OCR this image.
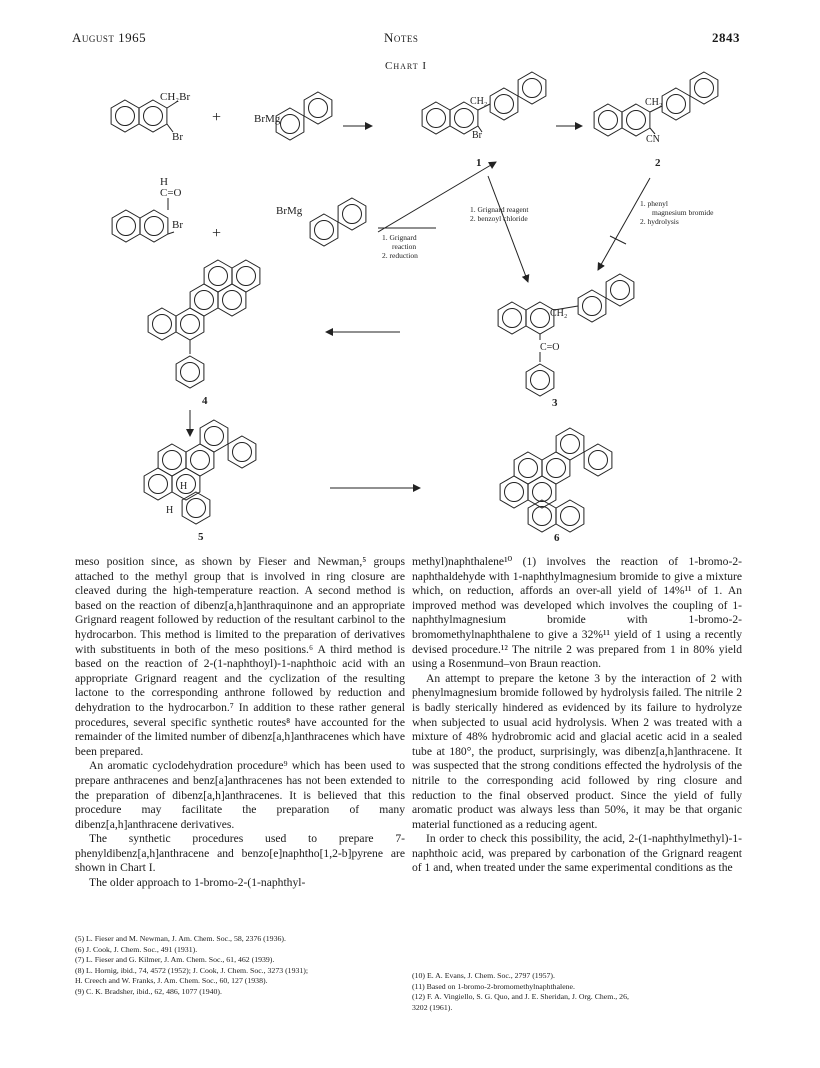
August 1965	Notes	2843
Chart I
CH₂Br
Br
+	BrMg
CH₂
Br
1
CH₂
CN
2
H
C=O
Br +
BrMg
1. Grignard
reaction
2. reduction
1. Grignard reagent
2. benzoyl chloride
1. phenyl
magnesium bromide
2. hydrolysis
4
CH₂
C=O
3
H
H
5	6

meso position since, as shown by Fieser and Newman,⁵ groups attached to the methyl group that is involved in ring closure are cleaved during the high-temperature reaction. A second method is based on the reaction of dibenz[a,h]anthraquinone and an appropriate Grignard reagent followed by reduction of the resultant carbinol to the hydrocarbon. This method is limited to the preparation of derivatives with substituents in both of the meso positions.⁶ A third method is based on the reaction of 2-(1-naphthoyl)-1-naphthoic acid with an appropriate Grignard reagent and the cyclization of the resulting lactone to the corresponding anthrone followed by reduction and dehydration to the hydrocarbon.⁷ In addition to these rather general procedures, several specific synthetic routes⁸ have accounted for the remainder of the limited number of dibenz[a,h]anthracenes which have been prepared.

An aromatic cyclodehydration procedure⁹ which has been used to prepare anthracenes and benz[a]anthracenes has not been extended to the preparation of dibenz[a,h]anthracenes. It is believed that this procedure may facilitate the preparation of many dibenz[a,h]anthracene derivatives.

The synthetic procedures used to prepare 7-phenyldibenz[a,h]anthracene and benzo[e]naphtho[1,2-b]pyrene are shown in Chart I.

The older approach to 1-bromo-2-(1-naphthyl-

methyl)naphthalene¹⁰ (1) involves the reaction of 1-bromo-2-naphthaldehyde with 1-naphthylmagnesium bromide to give a mixture which, on reduction, affords an over-all yield of 14%¹¹ of 1. An improved method was developed which involves the coupling of 1-naphthylmagnesium bromide with 1-bromo-2-bromomethylnaphthalene to give a 32%¹¹ yield of 1 using a recently devised procedure.¹² The nitrile 2 was prepared from 1 in 80% yield using a Rosenmund–von Braun reaction.

An attempt to prepare the ketone 3 by the interaction of 2 with phenylmagnesium bromide followed by hydrolysis failed. The nitrile 2 is badly sterically hindered as evidenced by its failure to hydrolyze when subjected to usual acid hydrolysis. When 2 was treated with a mixture of 48% hydrobromic acid and glacial acetic acid in a sealed tube at 180°, the product, surprisingly, was dibenz[a,h]anthracene. It was suspected that the strong conditions effected the hydrolysis of the nitrile to the corresponding acid followed by ring closure and reduction to the final observed product. Since the yield of fully aromatic product was always less than 50%, it may be that organic material functioned as a reducing agent.

In order to check this possibility, the acid, 2-(1-naphthylmethyl)-1-naphthoic acid, was prepared by carbonation of the Grignard reagent of 1 and, when treated under the same experimental conditions as the

(5) L. Fieser and M. Newman, J. Am. Chem. Soc., 58, 2376 (1936).
(6) J. Cook, J. Chem. Soc., 491 (1931).
(7) L. Fieser and G. Kilmer, J. Am. Chem. Soc., 61, 462 (1939).
(8) L. Hornig, ibid., 74, 4572 (1952); J. Cook, J. Chem. Soc., 3273 (1931);
H. Creech and W. Franks, J. Am. Chem. Soc., 60, 127 (1938).
(9) C. K. Bradsher, ibid., 62, 486, 1077 (1940).
(10) E. A. Evans, J. Chem. Soc., 2797 (1957).
(11) Based on 1-bromo-2-bromomethylnaphthalene.
(12) F. A. Vingiello, S. G. Quo, and J. E. Sheridan, J. Org. Chem., 26,
3202 (1961).
